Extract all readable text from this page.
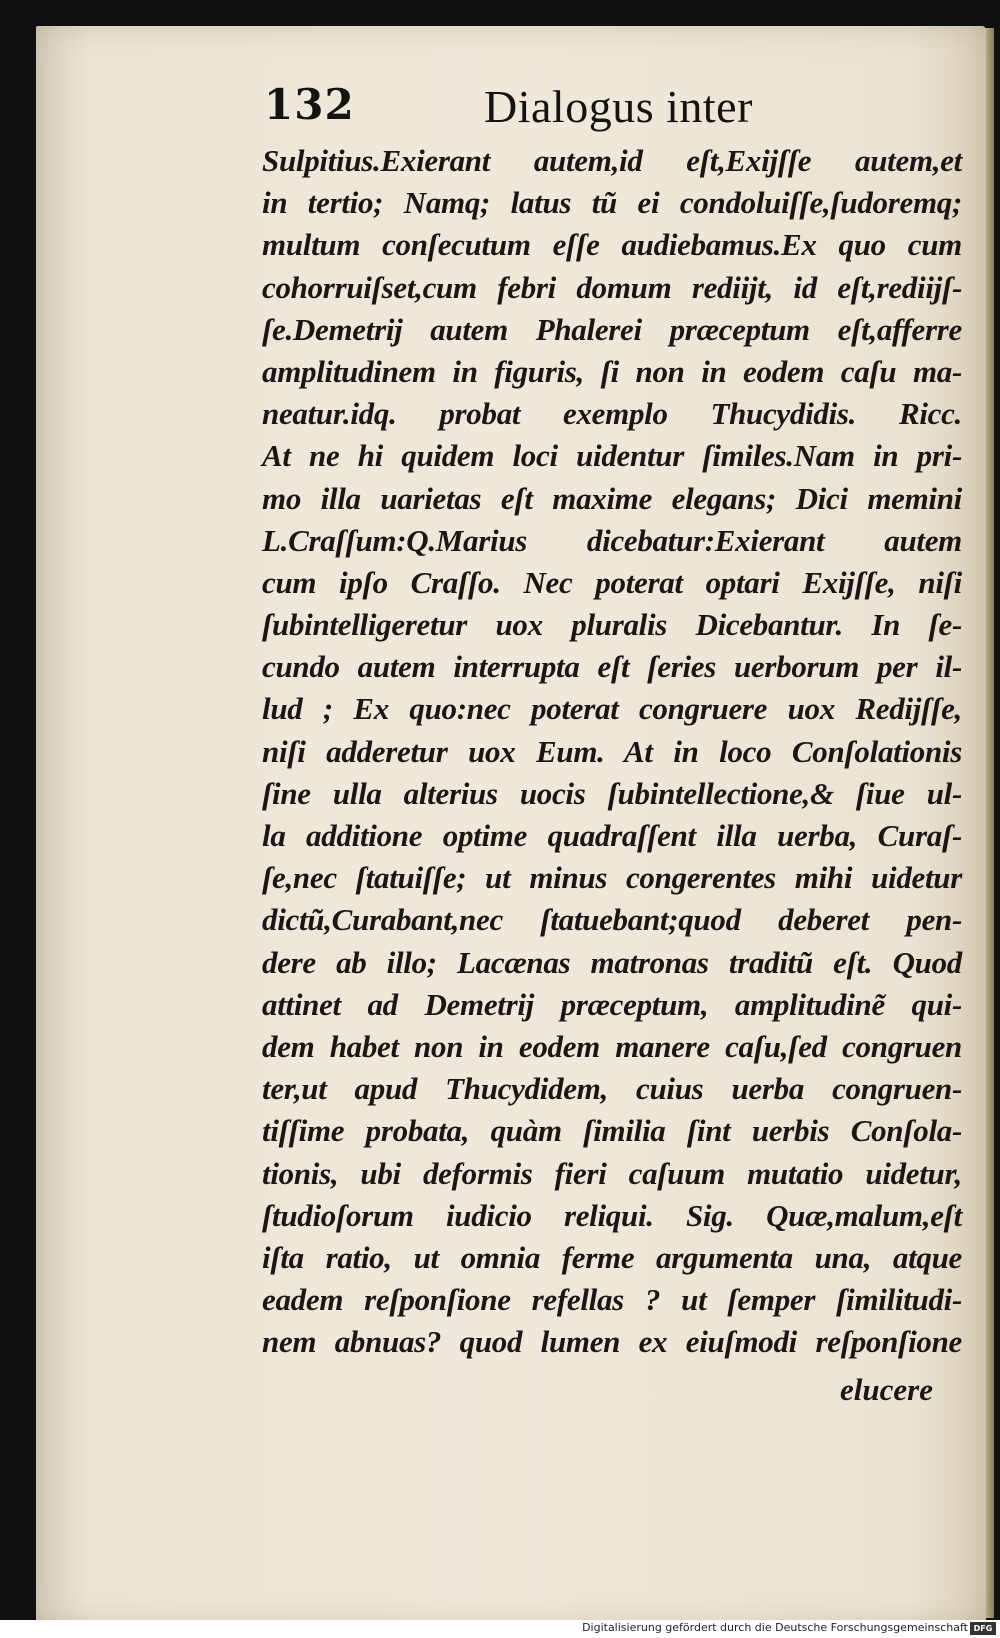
132	Dialogus inter
Sulpitius.Exierant autem,id eſt,Exijſſe autem,et
in tertio; Namq; latus tũ ei condoluiſſe,ſudoremq;
multum conſecutum eſſe audiebamus.Ex quo cum
cohorruiſset,cum febri domum rediijt, id eſt,rediijſ-
ſe.Demetrij autem Phalerei præceptum eſt,afferre
amplitudinem in figuris, ſi non in eodem caſu ma-
neatur.idq. probat exemplo Thucydidis. Ricc.
At ne hi quidem loci uidentur ſimiles.Nam in pri-
mo illa uarietas eſt maxime elegans; Dici memini
L.Craſſum:Q.Marius dicebatur:Exierant autem
cum ipſo Craſſo. Nec poterat optari Exijſſe, niſi
ſubintelligeretur uox pluralis Dicebantur. In ſe-
cundo autem interrupta eſt ſeries uerborum per il-
lud ; Ex quo:nec poterat congruere uox Redijſſe,
niſi adderetur uox Eum. At in loco Conſolationis
ſine ulla alterius uocis ſubintellectione,& ſiue ul-
la additione optime quadraſſent illa uerba, Curaſ-
ſe,nec ſtatuiſſe; ut minus congerentes mihi uidetur
dictũ,Curabant,nec ſtatuebant;quod deberet pen-
dere ab illo; Lacænas matronas traditũ eſt. Quod
attinet ad Demetrij præceptum, amplitudinẽ qui-
dem habet non in eodem manere caſu,ſed congruen
ter,ut apud Thucydidem, cuius uerba congruen-
tiſſime probata, quàm ſimilia ſint uerbis Conſola-
tionis, ubi deformis fieri caſuum mutatio uidetur,
ſtudioſorum iudicio reliqui. Sig. Quæ,malum,eſt
iſta ratio, ut omnia ferme argumenta una, atque
eadem reſponſione refellas ? ut ſemper ſimilitudi-
nem abnuas? quod lumen ex eiuſmodi reſponſione
elucere
Digitalisierung gefördert durch die Deutsche Forschungsgemeinschaft DFG
